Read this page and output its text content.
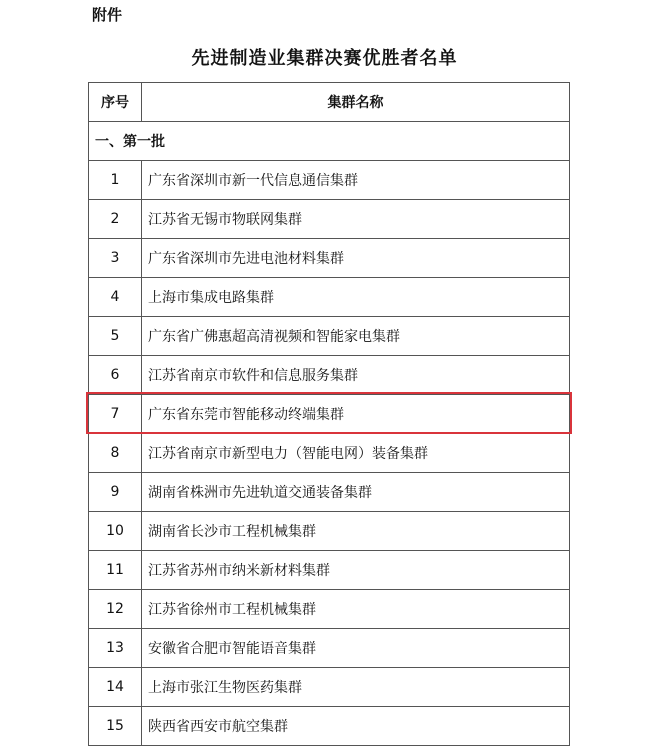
附件
先进制造业集群决赛优胜者名单
序号	集群名称
一、第一批	
1	广东省深圳市新一代信息通信集群
2	江苏省无锡市物联网集群
3	广东省深圳市先进电池材料集群
4	上海市集成电路集群
5	广东省广佛惠超高清视频和智能家电集群
6	江苏省南京市软件和信息服务集群
7	广东省东莞市智能移动终端集群
8	江苏省南京市新型电力（智能电网）装备集群
9	湖南省株洲市先进轨道交通装备集群
10	湖南省长沙市工程机械集群
11	江苏省苏州市纳米新材料集群
12	江苏省徐州市工程机械集群
13	安徽省合肥市智能语音集群
14	上海市张江生物医药集群
15	陕西省西安市航空集群
